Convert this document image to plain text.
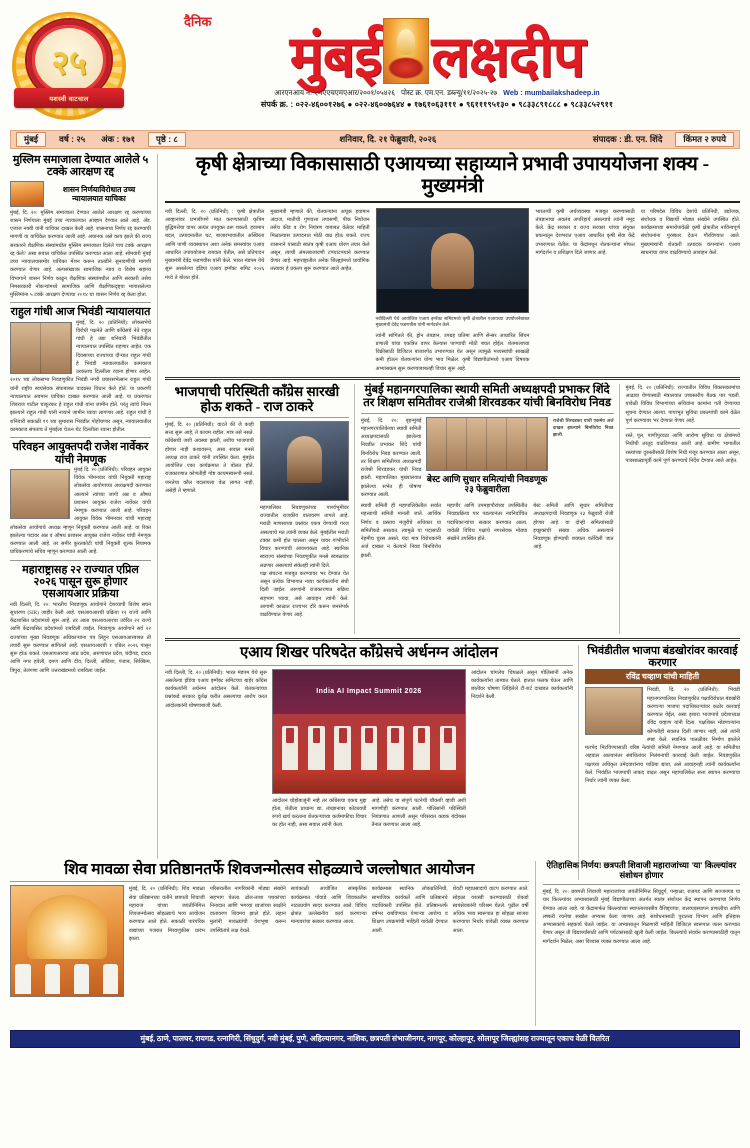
२५
यशस्वी वाटचाल
दैनिक
मुंबई लक्षदीप
आरएनआय नं. एमएएचएमएआर/२००१/०५४२६ पोस्ट क्र. एम.एन. डब्ल्यू/११/२०२५-२७ Web : mumbailakshadeep.in
संपर्क क्र. : ०२२-४६००१२७६ ● ०२२-४६००७६४४ ● १७६१०६३१११ ● ९६१११९५१३० ● ९८३३८९१८८८ ● ९८३३८५२९११
मुंबई	वर्ष : २५	अंक : १७१	पृष्ठे : ८	शनिवार, दि. २१ फेब्रुवारी, २०२६	संपादक : डी. एन. शिंदे	किंमत २ रुपये
मुस्लिम समाजाला देण्यात आलेले ५ टक्के आरक्षण रद्द
शासन निर्णयाविरोधात उच्च न्यायालयात याचिका
मुंबई, दि. २०: मुस्लिम समाजाला देण्यात आलेले आरक्षण रद्द करण्याच्या शासन निर्णयाला मुंबई उच्च न्यायालयात आव्हान देण्यात आले आहे. अँड. एजाज नक्वी यांनी याचिका दाखल केली आहे. शासनाचा निर्णय रद्द करण्याची मागणी या याचिकेत करण्यात आली आहे. अचानक असे काय झाले की राज्य सरकारने शैक्षणिक संस्थांमधील मुस्लिम समाजाला दिलेले पाच टक्के आरक्षण रद्द केले? असा सवाल याचिकेत उपस्थित करण्यात आला आहे. सोमवारी मुंबई उच्च न्यायालयासमोर याचिका मेंशन करून तातडीने सुनावणीची मागणी करण्यात येणार आहे. अल्पसंख्याक सामाजिक न्याय व विशेष सहाय्य विभागाने शासन निर्णय काढून शैक्षणिक संस्थांमधील आणि सरकारी तसेच निमसरकारी नोकऱ्यांमध्ये सामाजिक आणि शैक्षणिकदृष्ट्या मागासलेल्या मुस्लिमांना ५ टक्के आरक्षण देण्याचा २०१४ चा शासन निर्णय रद्द केला होता.
राहुल गांधी आज भिवंडी न्यायालयात
मुंबई, दि. २० (प्रतिनिधी): लोकसभेचे विरोधी पक्षनेते आणि काँग्रेसचे नेते राहुल गांधी हे उद्या शनिवारी भिवंडीतील न्यायालयात उपस्थित राहणार आहेत. एक दिवसाच्या राज्याच्या दौऱ्यात राहुल गांधी हे भिवंडी न्यायालयातील कामकाज उरकताच दिल्लीला रवाना होणार आहेत. २०१४ च्या लोकसभा निवडणुकीत भिवंडी नगरी प्रचारसभेत्सान राहुल गांधी यांनी राष्ट्रीय स्वयंसेवक संघाबाबत वादग्रस्त विधान केले होते. या प्रकरणी न्यायालयात अवमान याचिका दाखल करण्यात आली आहे. या प्रकरणात शिवराज पाटील चाकूरकर हे राहुल गांधी यांना जामीन होते. परंतु त्यांचे निधन झाल्याने राहुल गांधी यांनी नव्याने जामीन घ्यावा लागणार आहे. राहुल गांधी हे शनिवारी सकाळी ११ च्या सुमारास भिवंडीत पोहोचणार असून, न्यायालयातील कामकाज संपताच ते मुंबईला येऊन थेट दिल्लीला रवाना होतील.
परिवहन आयुक्तपदी राजेश नार्वेकर यांची नेमणूक
मुंबई दि. २० (प्रतिनिधी): परिवहन आयुक्त विवेक भीमनवार यांची नियुक्ती महाराष्ट्र लोकसेवा आयोगाच्या अध्यक्षपदी करण्यात आल्याने त्यांच्या जागी अन्न व औषध प्रशासन आयुक्त राजेश नार्वेकर यांची नेमणूक करण्यात आली आहे. परिवहन आयुक्त विवेक भीमनवार यांची महाराष्ट्र लोकसेवा आयोगाचे अध्यक्ष म्हणून नियुक्ती करण्यात आली आहे. या रिक्त झालेल्या पदावर अन्न व औषध प्रशासन आयुक्त राजेश नार्वेकर यांची नेमणूक करण्यात आली आहे. तर समीर कुरतकोटी यांची नियुक्ती शुल्क नियामक प्राधिकरणाचे सचिव म्हणून करण्यात आली आहे.
महाराष्ट्रासह २२ राज्यात एप्रिल २०२६ पासून सुरू होणार एसआयआर प्रक्रिया
नवी दिल्ली, दि. २०: भारतीय निवडणूक आयोगाने देशव्यापी विशेष सघन सुधारणा (SIR) जाहीर केली आहे. एसआयआरची प्रक्रिया १२ राज्ये आणि केंद्रशासित प्रदेशांमध्ये सुरू आहे. तर आता एसआयआरचा उर्वरित २२ राज्ये आणि केंद्रशासित प्रदेशांमध्ये राबविली जाईल. निवडणूक आयोगाने सर्व २२ राज्यांच्या मुख्य निवडणूक अधिकाऱ्यांना पत्र लिहून एसआयआरबाबत ती तयारी सुरू करण्यात सांगितले आहे. एसआयआरची १ एप्रिल २०२६ पासून सुरू होऊ शकते. एसआयआरचा आंध्र प्रदेश, अरुणाचल प्रदेश, चंदीगड, दादरा आणि नगर हवेली, दमण आणि दीव, दिल्ली, ओडिशा, पंजाब, सिक्किम, त्रिपुरा, तेलंगणा आणि उत्तराखंडमध्ये राबविला जाईल.
कृषी क्षेत्राच्या विकासासाठी एआयच्या सहाय्याने प्रभावी उपाययोजना शक्य - मुख्यमंत्री
नवी दिल्ली, दि. २० (प्रतिनिधी) : कृषी क्षेत्रातील आव्हानांवर प्रभावीपणे मात करण्यासाठी कृत्रिम बुद्धिमत्तेचा वापर अत्यंत उपयुक्त ठरू शकतो. हवामान बदल, उत्पादनातील घट, बाजारभावातील अस्थिरता आणि पाणी व्यवस्थापन अशा अनेक समस्यांवर एआय आधारित उपाययोजना राबवता येतील, असे प्रतिपादन मुख्यमंत्री देवेंद्र फडणवीस यांनी केले. भारत मंडपम येथे सुरू असलेल्या इंडिया एआय इम्पॅक्ट समिट २०२६ मध्ये ते बोलत होते.
मुख्यमंत्री म्हणाले की, शेतकऱ्यांना अचूक हवामान अंदाज, मातीची गुणवत्ता तपासणी, पीक नियोजन तसेच कीड व रोग नियंत्रण याबाबत वेळेवर माहिती मिळाल्यास उत्पादनात मोठी वाढ होऊ शकते. राज्य शासनाने यासाठी स्वतंत्र कृषी एआय धोरण तयार केले असून, त्याची अंमलबजावणी टप्प्याटप्प्याने करण्यात येणार आहे. महाराष्ट्रातील अनेक जिल्ह्यांमध्ये प्रायोगिक तत्त्वावर हे प्रकल्प सुरू करण्यात आले आहेत.
नवीदिल्ली येथे आयोजित एआय इम्पॅक्ट समिटमध्ये कृषी क्षेत्रातील एआयच्या उपयोजनेबाबत मुख्यमंत्री देवेंद्र फडणवीस यांनी मार्गदर्शन केले.
त्यांनी सांगितले की, ड्रोन तंत्रज्ञान, उपग्रह प्रतिमा आणि सेन्सर आधारित सिंचन प्रणाली यांचा एकत्रित वापर केल्यास पाण्याची मोठी बचत होईल. शेतमालाच्या विक्रीसाठी डिजिटल बाजारपेठ उभारण्यात येत असून त्यामुळे मध्यस्थांची साखळी कमी होऊन शेतकऱ्यांना योग्य भाव मिळेल. कृषी विद्यापीठांमध्ये एआय विषयक अभ्यासक्रम सुरू करण्याबाबतही विचार सुरू आहे.
भारताची कृषी अर्थव्यवस्था मजबूत करण्यासाठी तंत्रज्ञानाचा अवलंब अपरिहार्य असल्याचे त्यांनी नमूद केले. केंद्र सरकार व राज्य सरकार यांच्या संयुक्त प्रयत्नातून देशभरात एआय आधारित कृषी सेवा केंद्रे उभारण्यात येतील. या केंद्रांमधून शेतकऱ्यांना मोफत मार्गदर्शन व प्रशिक्षण दिले जाणार आहे.
या परिषदेस विविध देशांचे प्रतिनिधी, उद्योजक, संशोधक व विद्यार्थी मोठ्या संख्येने उपस्थित होते. कार्यक्रमाच्या समारोपावेळी कृषी क्षेत्रातील नाविन्यपूर्ण संशोधनांना पुरस्कार देऊन गौरविण्यात आले. मुख्यमंत्र्यांनी शेतकरी उत्पादक कंपन्यांना एआय साधनांचा वापर वाढविण्याचे आवाहन केले.
भाजपाची परिस्थिती काँग्रेस सारखी होऊ शकते - राज ठाकरे
मुंबई, दि. २० (प्रतिनिधी): वाटते की जे काही सत्ता सुरू आहे, ते कायम राहील. मात्र तसे नसते. काँग्रेसची जशी अवस्था झाली, तशीच भाजपाची होणार नाही कशावरून, असा सवाल मनसे अध्यक्ष राज ठाकरे यांनी उपस्थित केला. मुंबईत आयोजित एका कार्यक्रमात ते बोलत होते. राजकारणात कोणतीही गोष्ट कायमस्वरूपी नसते. जनतेचा कौल बदलायला वेळ लागत नाही, असेही ते म्हणाले.
महापालिका निवडणुकांच्या पार्श्वभूमीवर राज्यातील राजकीय वातावरण तापले आहे. मराठी माणसाच्या प्रश्नांवर एकत्र येण्याची गरज असल्याचे मत त्यांनी व्यक्त केले. मुंबईतील मराठी टक्का कमी होत चालला असून यावर गांभीर्याने विचार करण्याची आवश्यकता आहे. स्थानिक स्वराज्य संस्थांच्या निवडणुकीत मनसे स्वबळावर लढणार असल्याचे संकेतही त्यांनी दिले.
पक्ष संघटना मजबूत करण्यावर भर देण्यात येत असून प्रत्येक विभागात नव्या कार्यकर्त्यांना संधी दिली जाईल. तरुणांनी राजकारणात सक्रिय सहभाग घ्यावा, असे आवाहन त्यांनी केले. आगामी काळात राज्यभर दौरे करून जनसंपर्क वाढविण्यात येणार आहे.
मुंबई महानगरपालिका स्थायी समिती अध्यक्षपदी प्रभाकर शिंदे तर शिक्षण समितीवर राजेश्री शिरवडकर यांची बिनविरोध निवड
मुंबई, दि. २०: बृहन्मुंबई महानगरपालिकेच्या स्थायी समिती अध्यक्षपदासाठी झालेल्या निवडीत प्रभाकर शिंदे यांची बिनविरोध निवड करण्यात आली. तर शिक्षण समितीच्या अध्यक्षपदी राजेश्री शिरवडकर यांची निवड झाली. महापालिका मुख्यालयात झालेल्या सभेत ही घोषणा करण्यात आली.
बेस्ट आणि सुधार समित्यांची निवडणूक २३ फेब्रुवारीला
राजेश्री शिरवडकर यांची एकमेव अर्ज दाखल झाल्याने बिनविरोध निवड झाली.
स्थायी समिती ही महापालिकेतील सर्वात महत्त्वाची समिती मानली जाते. आर्थिक निर्णय व प्रस्ताव मंजुरीचे अधिकार या समितीकडे असतात. त्यामुळे या पदासाठी नेहमीच चुरस असते. यंदा मात्र विरोधकांनी अर्ज दाखल न केल्याने निवड बिनविरोध झाली.
महापौर आणि उपमहापौरांच्या उपस्थितीत निवडप्रक्रिया पार पडल्यानंतर नवनिर्वाचित पदाधिकाऱ्यांचा सत्कार करण्यात आला. यावेळी विविध पक्षांचे नगरसेवक मोठ्या संख्येने उपस्थित होते.
बेस्ट समिती आणि सुधार समितीच्या अध्यक्षपदाची निवडणूक २३ फेब्रुवारी रोजी होणार आहे. या दोन्ही समित्यांसाठी इच्छुकांची संख्या अधिक असल्याने निवडणूक होण्याची शक्यता वर्तविली जात आहे.
मुंबई, दि. २० (प्रतिनिधी): राज्यातील विविध विकासकामांचा आढावा घेण्यासाठी मंत्रालयात उच्चस्तरीय बैठक पार पडली. यावेळी विविध विभागांच्या सचिवांना कामांना गती देण्याच्या सूचना देण्यात आल्या. पायाभूत सुविधा प्रकल्पांची कामे वेळेत पूर्ण करण्यावर भर देण्यात येणार आहे.
रस्ते, पूल, पाणीपुरवठा आणि आरोग्य सुविधा या क्षेत्रांमध्ये निधीची तरतूद वाढविण्यात आली आहे. ग्रामीण भागातील रस्त्यांच्या दुरुस्तीसाठी विशेष निधी मंजूर करण्यात आला असून, पावसाळ्यापूर्वी कामे पूर्ण करण्याचे निर्देश देण्यात आले आहेत.
एआय शिखर परिषदेत काँग्रेसचे अर्धनग्न आंदोलन
नवी दिल्ली, दि. २० (प्रतिनिधी): भारत मंडपम येथे सुरू असलेल्या इंडिया एआय इम्पॅक्ट समिटच्या बाहेर काँग्रेस कार्यकर्त्यांनी अर्धनग्न आंदोलन केले. शेतकऱ्यांच्या प्रश्नांकडे सरकार दुर्लक्ष करीत असल्याचा आरोप करत आंदोलकांनी घोषणाबाजी केली.
India AI Impact Summit 2026
आंदोलन चोहोबाजूंनी नव्हे तर काँग्रेसचा एकच मुद्दा होता, शेतीला प्राधान्य द्या. तंत्रज्ञानावर कोट्यवधी रुपये खर्च करताना शेतकऱ्यांच्या कर्जमाफीचा विचार का होत नाही, असा सवाल त्यांनी केला.
आहे. तसेच या संपूर्ण घटनेची चौकशी व्हावी अशी मागणीही करण्यात आली. पोलिसांनी परिस्थिती नियंत्रणात आणली असून परिसरात कडक बंदोबस्त तैनात करण्यात आला आहे.
आंदोलन चांगलेच चिघळले असून पोलिसांनी अनेक कार्यकर्त्यांना ताब्यात घेतले. हातात फलक घेऊन आणि छातीवर घोषणा लिहिलेले टी-शर्ट दाखवत कार्यकर्त्यांनी निदर्शने केली.
भिवंडीतील भाजपा बंडखोरांवर कारवाई करणार
रविंद्र चव्हाण यांची माहिती
भिवंडी, दि. २० (प्रतिनिधी): भिवंडी महानगरपालिका निवडणुकीत पक्षाविरोधात बंडखोरी करणाऱ्या भाजपा पदाधिकाऱ्यांवर कठोर कारवाई करण्यात येईल, असा इशारा भाजपाचे प्रदेशाध्यक्ष रविंद्र चव्हाण यांनी दिला. पक्षशिस्त मोडणाऱ्यांना कोणतीही सवलत दिली जाणार नाही, असे त्यांनी स्पष्ट केले. स्थानिक पातळीवर निर्माण झालेले मतभेद मिटविण्यासाठी वरिष्ठ नेत्यांची समिती नेमण्यात आली आहे. या समितीचा अहवाल आल्यानंतर संबंधितांवर निलंबनाची कारवाई केली जाईल. निवडणुकीत पक्षाच्या अधिकृत उमेदवारांनाच पाठिंबा द्यावा, असे आवाहनही त्यांनी कार्यकर्त्यांना केले. भिवंडीत भाजपाची ताकद वाढत असून महापालिकेत सत्ता स्थापन करण्याचा निर्धार त्यांनी व्यक्त केला.
शिव मावळा सेवा प्रतिष्ठानतर्फे शिवजन्मोत्सव सोहळ्याचे जल्लोषात आयोजन
मुंबई, दि. २० (प्रतिनिधी): शिव मावळा सेवा प्रतिष्ठानच्या वतीने छत्रपती शिवाजी महाराज यांच्या जयंतीनिमित्त शिवजन्मोत्सव सोहळ्याचे भव्य आयोजन करण्यात आले होते. सकाळी पारंपरिक वाद्यांच्या गजरात मिरवणुकीस प्रारंभ झाला.
परिसरातील नागरिकांनी मोठ्या संख्येने सहभाग घेतला. ढोल-ताशा पथकांच्या निनादात आणि भगव्या ध्वजांच्या साक्षीने वातावरण शिवमय झाले होते. लहान मुलांनी मावळ्यांची वेशभूषा करून उपस्थितांचे लक्ष वेधले.
सायंकाळी आयोजित सांस्कृतिक कार्यक्रमात पोवाडे आणि शिवकालीन नाट्यप्रयोग सादर करण्यात आले. विविध क्षेत्रांत उल्लेखनीय कार्य करणाऱ्या मान्यवरांचा सत्कार करण्यात आला.
कार्यक्रमास स्थानिक लोकप्रतिनिधी, सामाजिक कार्यकर्ते आणि प्रतिष्ठानचे पदाधिकारी उपस्थित होते. प्रतिष्ठानतर्फे वर्षभर राबविण्यात येणाऱ्या आरोग्य व शिक्षण उपक्रमांची माहिती यावेळी देण्यात आली.
शेवटी महाप्रसादाचे वाटप करण्यात आले. सोहळा यशस्वी करण्यासाठी शेकडो स्वयंसेवकांनी परिश्रम घेतले. पुढील वर्षी अधिक भव्य स्वरूपात हा सोहळा साजरा करण्याचा निर्धार यावेळी व्यक्त करण्यात आला.
ऐतिहासिक निर्णय! छत्रपती शिवाजी महाराजांच्या 'या' किल्ल्यांवर संशोधन होणार
मुंबई, दि. २०: छत्रपती शिवाजी महाराजांच्या जयंतीनिमित्त सिंधुदुर्ग, पन्हाळा, राजगड आणि सज्जनगड या चार किल्ल्यांवर अभ्यासासाठी मुंबई विद्यापीठाच्या अंतर्गत स्वतंत्र संशोधन केंद्र स्थापन करण्याचा निर्णय घेण्यात आला आहे. या केंद्रामार्फत किल्ल्यांच्या स्थापत्यशास्त्रीय वैशिष्ट्यांचा, जलव्यवस्थापन प्रणालीचा आणि लष्करी रचनेचा सखोल अभ्यास केला जाणार आहे. संशोधनासाठी पुरातत्त्व विभाग आणि इतिहास अभ्यासकांचे सहकार्य घेतले जाईल. या अभ्यासातून मिळणारी माहिती डिजिटल स्वरूपात जतन करण्यात येणार असून ती विद्यार्थ्यांसाठी आणि पर्यटकांसाठी खुली केली जाईल. किल्ल्यांचे संवर्धन करण्यासाठीही यातून मार्गदर्शन मिळेल, असा विश्वास व्यक्त करण्यात आला आहे.
मुंबई, ठाणे, पालघर, रायगड, रत्नागिरी, सिंधुदुर्ग, नवी मुंबई, पुणे, अहिल्यानगर, नाशिक, छत्रपती संभाजीनगर, नागपूर, कोल्हापूर, सोलापूर जिल्ह्यांसह राज्यातून एकाच वेळी वितरित
